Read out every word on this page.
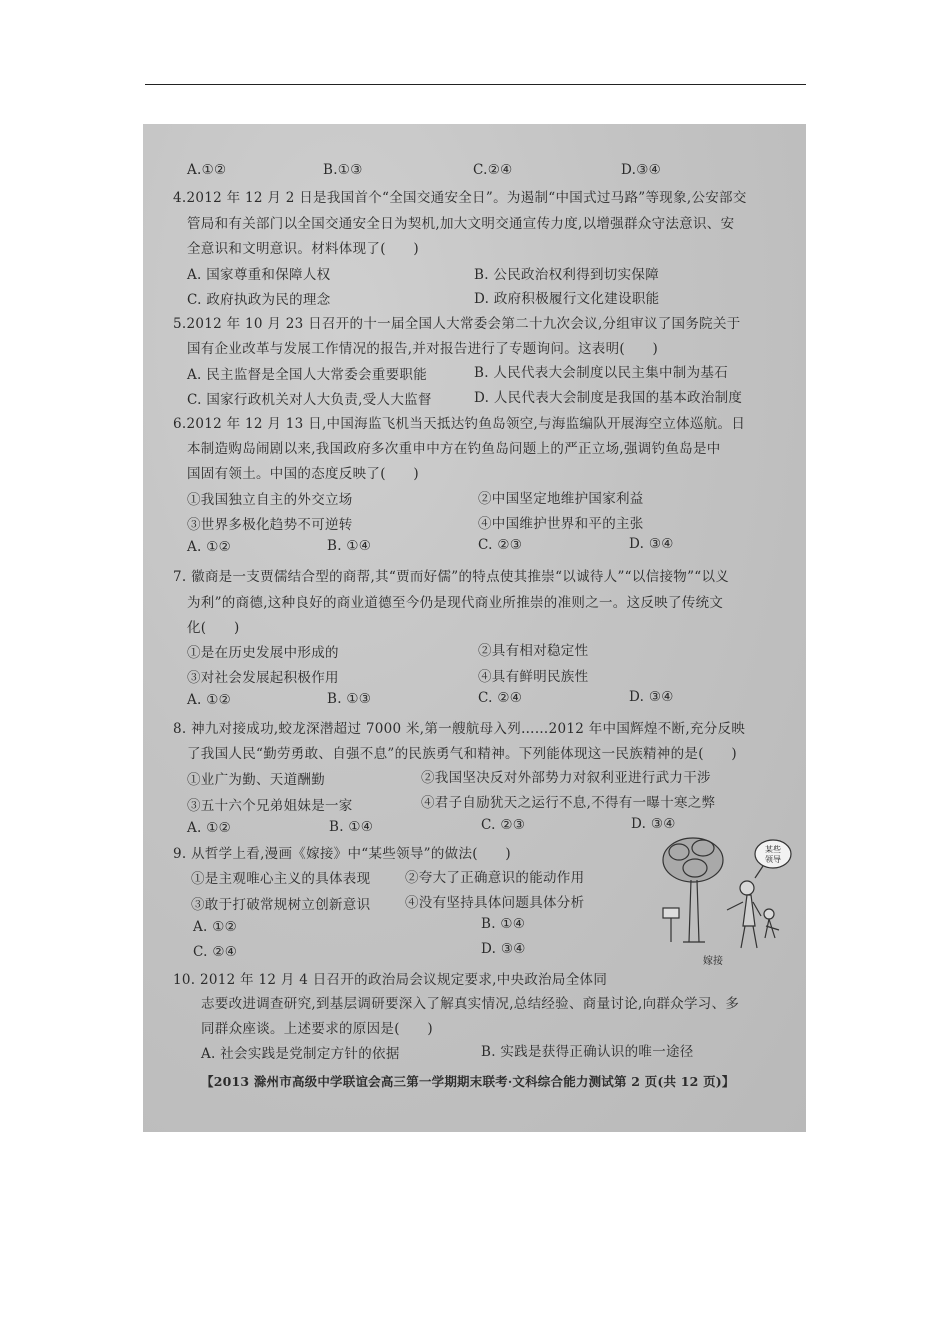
A.①②	B.①③	C.②④	D.③④
4.2012 年 12 月 2 日是我国首个“全国交通安全日”。为遏制“中国式过马路”等现象,公安部交
管局和有关部门以全国交通安全日为契机,加大文明交通宣传力度,以增强群众守法意识、安
全意识和文明意识。材料体现了(　　)
A. 国家尊重和保障人权	B. 公民政治权利得到切实保障
C. 政府执政为民的理念	D. 政府积极履行文化建设职能
5.2012 年 10 月 23 日召开的十一届全国人大常委会第二十九次会议,分组审议了国务院关于
国有企业改革与发展工作情况的报告,并对报告进行了专题询问。这表明(　　)
A. 民主监督是全国人大常委会重要职能	B. 人民代表大会制度以民主集中制为基石
C. 国家行政机关对人大负责,受人大监督	D. 人民代表大会制度是我国的基本政治制度
6.2012 年 12 月 13 日,中国海监飞机当天抵达钓鱼岛领空,与海监编队开展海空立体巡航。日
本制造购岛闹剧以来,我国政府多次重申中方在钓鱼岛问题上的严正立场,强调钓鱼岛是中
国固有领土。中国的态度反映了(　　)
①我国独立自主的外交立场	②中国坚定地维护国家利益
③世界多极化趋势不可逆转	④中国维护世界和平的主张
A. ①②	B. ①④	C. ②③	D. ③④
7. 徽商是一支贾儒结合型的商帮,其“贾而好儒”的特点使其推崇“以诚待人”“以信接物”“以义
为利”的商德,这种良好的商业道德至今仍是现代商业所推崇的准则之一。这反映了传统文
化(　　)
①是在历史发展中形成的	②具有相对稳定性
③对社会发展起积极作用	④具有鲜明民族性
A. ①②	B. ①③	C. ②④	D. ③④
8. 神九对接成功,蛟龙深潜超过 7000 米,第一艘航母入列……2012 年中国辉煌不断,充分反映
了我国人民“勤劳勇敢、自强不息”的民族勇气和精神。下列能体现这一民族精神的是(　　)
①业广为勤、天道酬勤	②我国坚决反对外部势力对叙利亚进行武力干涉
③五十六个兄弟姐妹是一家	④君子自励犹天之运行不息,不得有一曝十寒之弊
A. ①②	B. ①④	C. ②③	D. ③④
9. 从哲学上看,漫画《嫁接》中“某些领导”的做法(　　)
①是主观唯心主义的具体表现	②夸大了正确意识的能动作用
③敢于打破常规树立创新意识	④没有坚持具体问题具体分析
A. ①②	B. ①④
C. ②④	D. ③④
某些
领导
嫁接
10. 2012 年 12 月 4 日召开的政治局会议规定要求,中央政治局全体同
志要改进调查研究,到基层调研要深入了解真实情况,总结经验、商量讨论,向群众学习、多
同群众座谈。上述要求的原因是(　　)
A. 社会实践是党制定方针的依据	B. 实践是获得正确认识的唯一途径
【2013 滁州市高级中学联谊会高三第一学期期末联考·文科综合能力测试第 2 页(共 12 页)】
